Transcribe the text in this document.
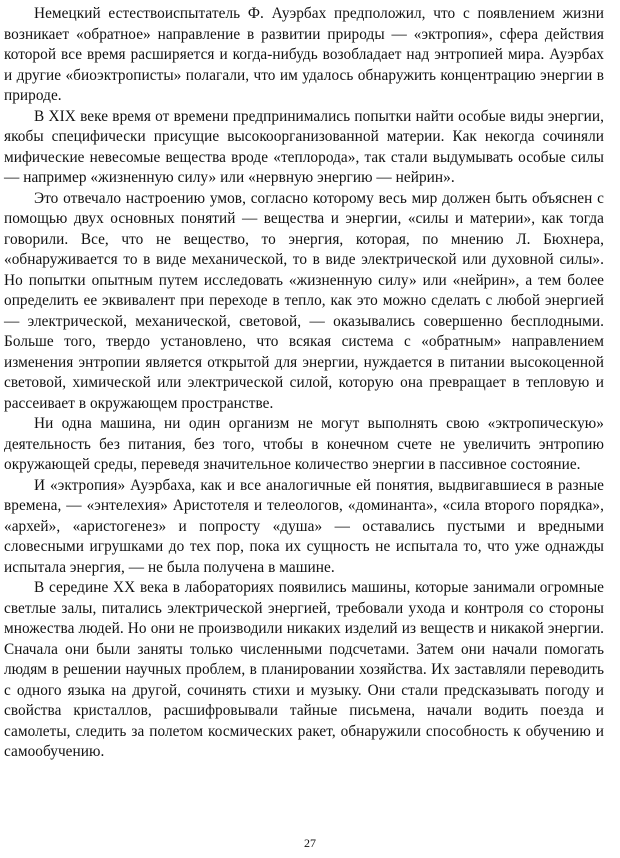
Немецкий естествоиспытатель Ф. Ауэрбах предположил, что с появлением жизни возникает «обратное» направление в развитии природы — «эктропия», сфера действия которой все время расширяется и когда-нибудь возобладает над энтропией мира. Ауэрбах и другие «биоэктрописты» полагали, что им удалось обнаружить концентрацию энергии в природе.

В XIX веке время от времени предпринимались попытки найти особые виды энергии, якобы специфически присущие высокоорганизованной материи. Как некогда сочиняли мифические невесомые вещества вроде «теплорода», так стали выдумывать особые силы — например «жизненную силу» или «нервную энергию — нейрин».

Это отвечало настроению умов, согласно которому весь мир должен быть объяснен с помощью двух основных понятий — вещества и энергии, «силы и материи», как тогда говорили. Все, что не вещество, то энергия, которая, по мнению Л. Бюхнера, «обнаруживается то в виде механической, то в виде электрической или духовной силы». Но попытки опытным путем исследовать «жизненную силу» или «нейрин», а тем более определить ее эквивалент при переходе в тепло, как это можно сделать с любой энергией — электрической, механической, световой, — оказывались совершенно бесплодными. Больше того, твердо установлено, что всякая система с «обратным» направлением изменения энтропии является открытой для энергии, нуждается в питании высокоценной световой, химической или электрической силой, которую она превращает в тепловую и рассеивает в окружающем пространстве.

Ни одна машина, ни один организм не могут выполнять свою «эктропическую» деятельность без питания, без того, чтобы в конечном счете не увеличить энтропию окружающей среды, переведя значительное количество энергии в пассивное состояние.

И «эктропия» Ауэрбаха, как и все аналогичные ей понятия, выдвигавшиеся в разные времена, — «энтелехия» Аристотеля и телеологов, «доминанта», «сила второго порядка», «архей», «аристогенез» и попросту «душа» — оставались пустыми и вредными словесными игрушками до тех пор, пока их сущность не испытала то, что уже однажды испытала энергия, — не была получена в машине.

В середине XX века в лабораториях появились машины, которые занимали огромные светлые залы, питались электрической энергией, требовали ухода и контроля со стороны множества людей. Но они не производили никаких изделий из веществ и никакой энергии. Сначала они были заняты только численными подсчетами. Затем они начали помогать людям в решении научных проблем, в планировании хозяйства. Их заставляли переводить с одного языка на другой, сочинять стихи и музыку. Они стали предсказывать погоду и свойства кристаллов, расшифровывали тайные письмена, начали водить поезда и самолеты, следить за полетом космических ракет, обнаружили способность к обучению и самообучению.

27
